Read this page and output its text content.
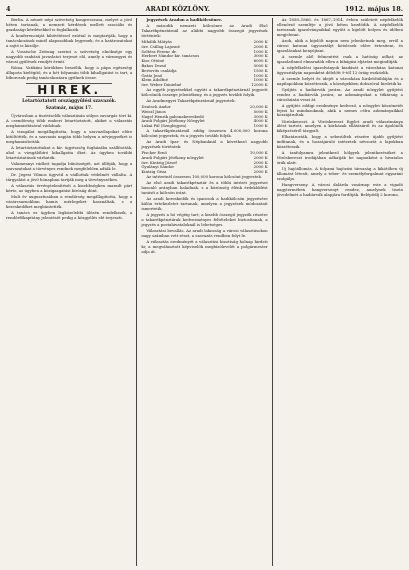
4	ARADI KÖZLÖNY.	1912. május 18.

Berlin. A német népi szövetség kongresszusa, melyet a jövő héten tartanak, a nemzeti kérdések mellett szociális és gazdasági kérdésekkel is foglalkozik.

A konferenciáját kibővítéssel ezúttal is megtartják, hogy a tanácskozások minél alaposabbak legyenek, és a határozatokat a sajtó is közölje.

A Vossische Zeitung szerint a szövetség elnöksége egy nagyobb szabású javaslatot terjeszt elő, amely a vármegyei és városi gyűlések rendjét érinti.

Róma. Vatikáni körökben beszélik, hogy a pápa egészségi állapota kielégítő, és a hét folyamán több kihallgatást is tart, a bíborosok pedig tanácskozásra gyűlnek össze.

HIREK.
Letartóztatott országgyűlési szavazók.
Szatmár, május 17.

Újvárosban a tisztviselők választásán súlyos zavargás tört ki. A csendőrség több embert letartóztatott, akiket a választás meghamisításával vádolnak.

A vizsgálat megállapította, hogy a szavazólapokat előre kitöltötték, és a szavazás napján több helyen a névjegyzéket is meghamisították.

A letartóztatottakat a kir. ügyészség fogházába szállították, ahol a vizsgálóbíró kihallgatta őket. Az ügyben további letartóztatások várhatók.

Valamennyi vádlott tagadja bűnösségét, azt állítják, hogy a szavazatokat a törvényes rendnek megfelelően adták le.

Dr. Jegesi Vilmos ügyvéd a vádlottak védelmét vállalta. A tárgyalást a jövő hónapban tartják meg a törvényszéken.

A választás érvénytelenítését a kisebbségben maradt párt kérte, az ügyben a közigazgatási bíróság dönt.

Mult év augusztusában a rendőrség megállapította, hogy a vásárcsarnokban hamis mérlegeket használtak, s a kereskedőket megbüntették.

A tanács ez ügyben legközelebbi ülésén rendelkezik, a rendőrfőkapitány jelentését pedig a közgyűlés elé terjeszti.

Jegyzések Aradon a hadikölcsönre.

A második nemzeti kölcsönre az Aradi Első Takarékpénztárnál az alábbi nagyobb összegű jegyzések történtek:

Mihálik Mátyás	2000 K
özv. Csillag Lajosné	2000 K
Soltész Ferenc dr.	1000 K
Herbert Nándor kir. tanácsos	3000 K
Kiss Ottóné	6000 K
Bakos Dezső	5000 K
Bertovits családja	1500 K
Grátz Jenő	1000 K
Klein Adolfné	1000 K
özv. Weber Dánielné	12000 K

Az egyéb jegyzésekkel együtt a takarékpénztárnál jegyzett kölcsönök összege jelentékeny, és a jegyzés tovább folyik.

Az Aradmegyei Takarékpénztárnál jegyeztek:

Deutsch Andor	20,000 K
Weiszl János	5000 K
Nagel Henrik gabonakereskedő	3000 K
Aradi Polgári Jótékony Nőegylet	4000 K
Lukai Pál (Szeglegyen)	1000 K

A takarékpénztárnál eddig összesen 4,000,000 korona kölcsönt jegyeztek, és a jegyzés tovább folyik.

Az Aradi Ipar- és Népbanknál a következő nagyobb jegyzések történtek:

Fischer Ernő	10,000 K
Aradi Polgári Jótékony nőegylet	2000 K
özv. Kintzig József	2000 K
Gyulányi Sándor	2000 K
Kintzig Géza	2000 K

Az intézetnél összesen 100,000 korona kölcsönt jegyeztek.

Az első aradi takarékpénztár és a többi intézet jegyzései hasonló arányban haladnak, s a közönség élénk érdeklődést tanúsít a kölcsön iránt.

Az aradi kereskedők és iparosok a hadikölcsön jegyzésére külön értekezletet tartanak, amelyen a jegyzések módozatait ismertetik.

A jegyzés a hó végéig tart; a kisebb összegű jegyzők részére a takarékpénztárak kedvezményes feltételeket biztosítanak, a jegyzés a postahivataloknál is lehetséges.

Választási bevallás. Az aradi lakosság a városi választásokon nagy számban vett részt, a szavazás rendben folyt le.

A választás eredményét a választási bizottság holnap hirdeti ki; a megválasztott képviselők megbízólevelét a polgármester adja át.

Az 1858–1866. és 1867–1914. évben született népfelkelők ellenőrző szemléje a jövő héten kezdődik. A népfelkelők tartoznak igazolványaikkal együtt a kijelölt helyen és időben megjelenni.

Azok, akik a kijelölt napon nem jelenhetnek meg, erről a városi katonai ügyosztályt kötelesek előre értesíteni, és igazolásukat benyújtani.

A szemle alól felmentést csak a hatóság adhat; az igazolatlanul elmaradók ellen a kihágási eljárást megindítják.

A népfelkelési igazolványok kiadását a városháza katonai ügyosztályán naponként délelőtt 9-től 12 óráig eszközlik.

A szemle helyét és idejét a városháza hirdetőtábláján és a napilapokban közzéteszik, a községekben dobszóval hirdetik ki.

Gyűjtés a hadiárvák javára. Az aradi nőegylet gyűjtést rendez a hadiárvák javára; az adományokat a titkárság a városházán veszi át.

A gyűjtés eddigi eredménye kedvező, a nőegylet köszönetét fejezi ki mindazoknak, akik a nemes célra adományaikkal hozzájárultak.

Vöröskereszt. A Vöröskereszt Egylet aradi választmánya ülést tartott, amelyen a kórházak ellátásáról és az ápolónők kiképzéséről tárgyalt.

Elhatározták, hogy a sebesültek részére újabb gyűjtést indítanak, és a hozzájáruló intézetek névsorát a lapokban közzéteszik.

A tanfolyamra jelentkező hölgyek jelentkezésüket a Vöröskereszt irodájában adhatják be naponként a hivatalos órák alatt.

Uj hajóállomás. A folyami hajózási társaság a kikötőben új állomást létesít, amely a teher- és személyforgalmat egyaránt szolgálja.

Hangverseny. A városi dalárda vasárnap este a vigadó nagytermében hangversenyt rendez, amelynek tiszta jövedelmét a hadiárvák alapjára fordítják. Belépődíj 2 korona.
